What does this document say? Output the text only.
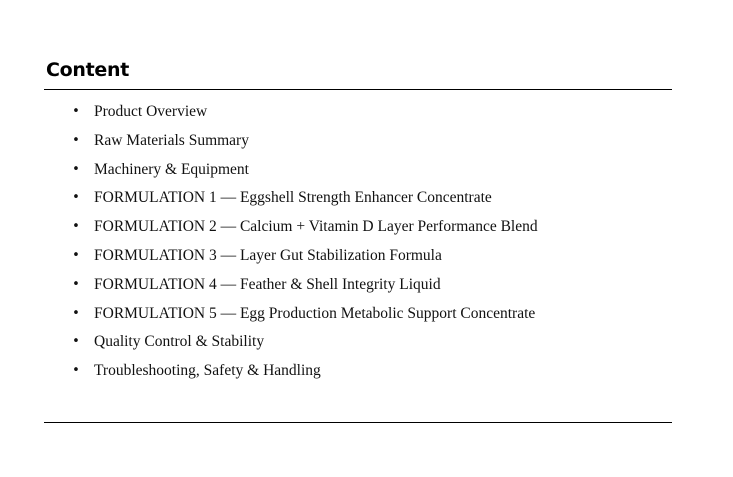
Content
• Product Overview
• Raw Materials Summary
• Machinery & Equipment
• FORMULATION 1 — Eggshell Strength Enhancer Concentrate
• FORMULATION 2 — Calcium + Vitamin D Layer Performance Blend
• FORMULATION 3 — Layer Gut Stabilization Formula
• FORMULATION 4 — Feather & Shell Integrity Liquid
• FORMULATION 5 — Egg Production Metabolic Support Concentrate
• Quality Control & Stability
• Troubleshooting, Safety & Handling
